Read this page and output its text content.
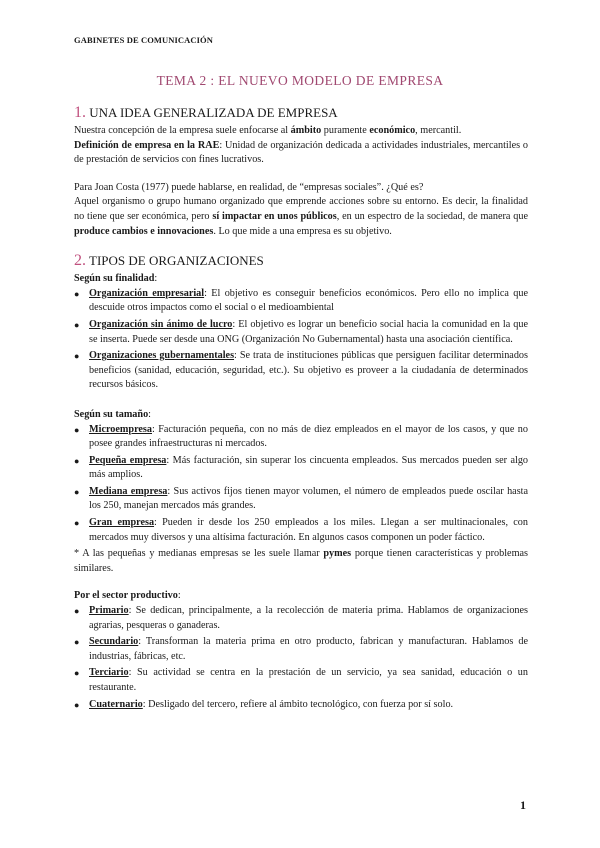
GABINETES DE COMUNICACIÓN
TEMA 2 : EL NUEVO MODELO DE EMPRESA
1. UNA IDEA GENERALIZADA DE EMPRESA

Nuestra concepción de la empresa suele enfocarse al ámbito puramente económico, mercantil.

Definición de empresa en la RAE: Unidad de organización dedicada a actividades industriales, mercantiles o de prestación de servicios con fines lucrativos.

Para Joan Costa (1977) puede hablarse, en realidad, de “empresas sociales”. ¿Qué es?

Aquel organismo o grupo humano organizado que emprende acciones sobre su entorno. Es decir, la finalidad no tiene que ser económica, pero sí impactar en unos públicos, en un espectro de la sociedad, de manera que produce cambios e innovaciones. Lo que mide a una empresa es su objetivo.

2. TIPOS DE ORGANIZACIONES
Según su finalidad:
● Organización empresarial: El objetivo es conseguir beneficios económicos. Pero ello no implica que descuide otros impactos como el social o el medioambiental
● Organización sin ánimo de lucro: El objetivo es lograr un beneficio social hacia la comunidad en la que se inserta. Puede ser desde una ONG (Organización No Gubernamental) hasta una asociación científica.
● Organizaciones gubernamentales: Se trata de instituciones públicas que persiguen facilitar determinados beneficios (sanidad, educación, seguridad, etc.). Su objetivo es proveer a la ciudadanía de determinados recursos básicos.
Según su tamaño:
● Microempresa: Facturación pequeña, con no más de diez empleados en el mayor de los casos, y que no posee grandes infraestructuras ni mercados.
● Pequeña empresa: Más facturación, sin superar los cincuenta empleados. Sus mercados pueden ser algo más amplios.
● Mediana empresa: Sus activos fijos tienen mayor volumen, el número de empleados puede oscilar hasta los 250, manejan mercados más grandes.
● Gran empresa: Pueden ir desde los 250 empleados a los miles. Llegan a ser multinacionales, con mercados muy diversos y una altísima facturación. En algunos casos componen un poder fáctico.

* A las pequeñas y medianas empresas se les suele llamar pymes porque tienen características y problemas similares.

Por el sector productivo:
● Primario: Se dedican, principalmente, a la recolección de materia prima. Hablamos de organizaciones agrarias, pesqueras o ganaderas.
● Secundario: Transforman la materia prima en otro producto, fabrican y manufacturan. Hablamos de industrias, fábricas, etc.
● Terciario: Su actividad se centra en la prestación de un servicio, ya sea sanidad, educación o un restaurante.
● Cuaternario: Desligado del tercero, refiere al ámbito tecnológico, con fuerza por sí solo.
1
